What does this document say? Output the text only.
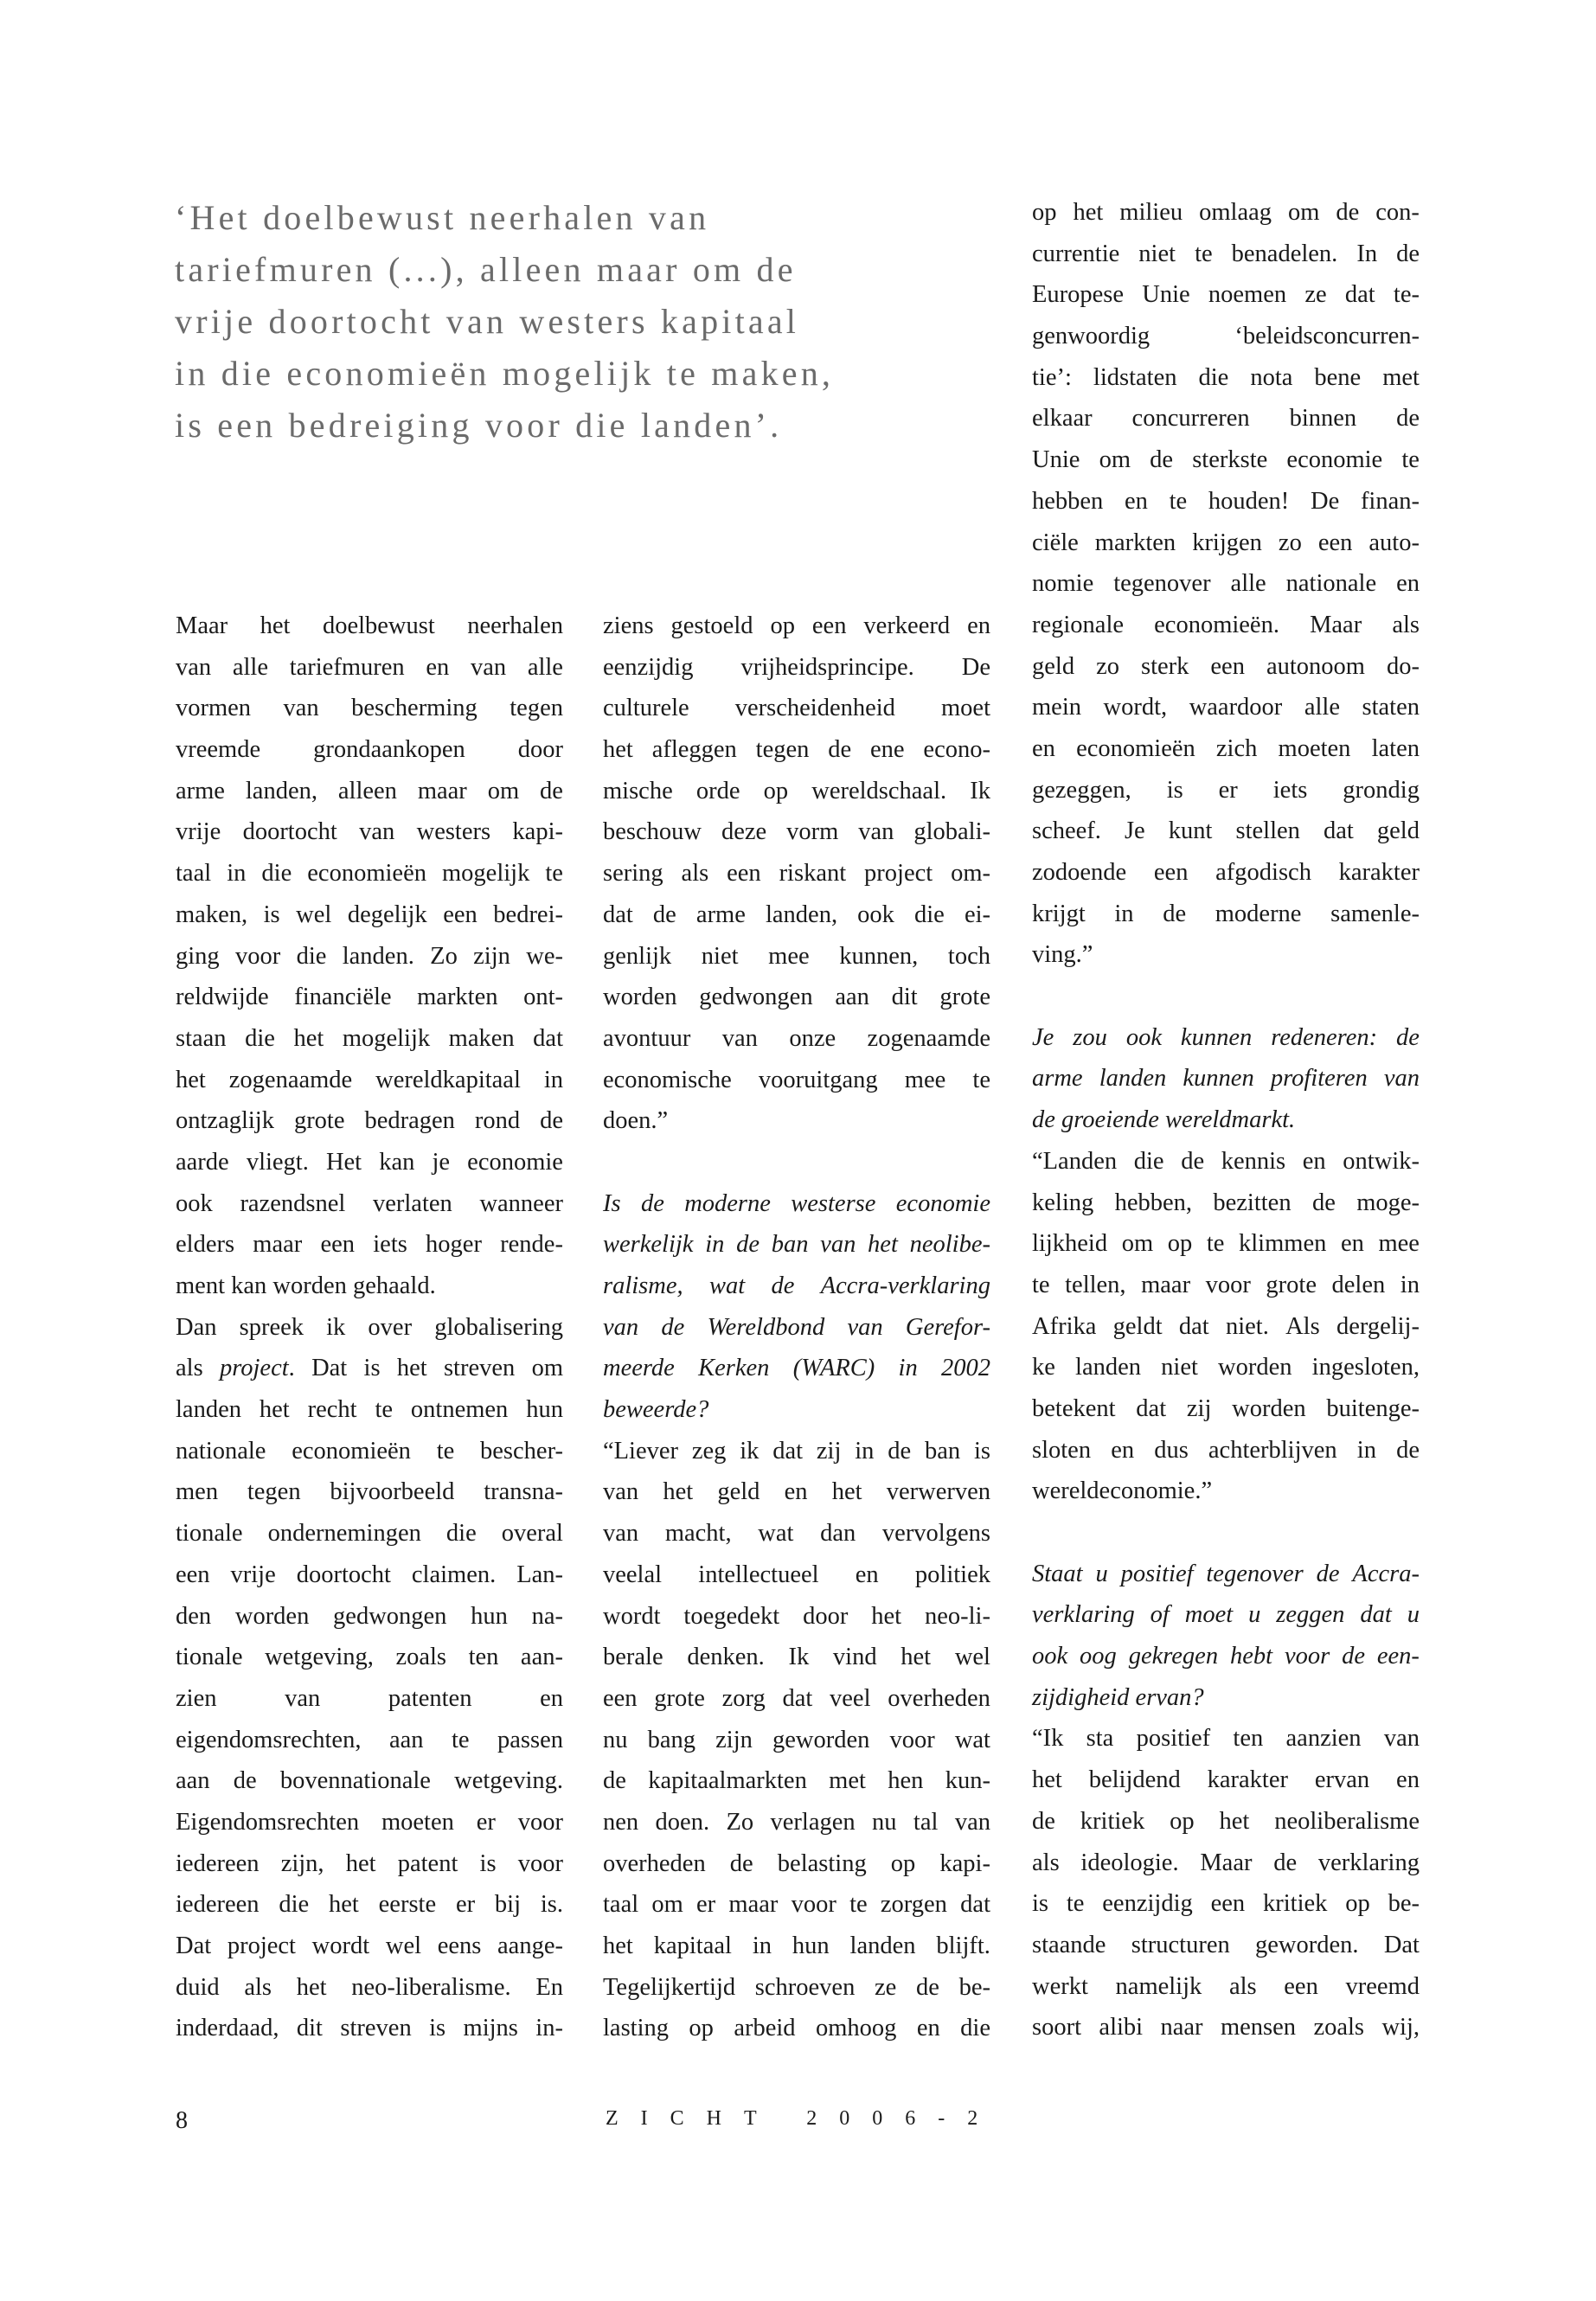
‘Het doelbewust neerhalen van
tariefmuren (...), alleen maar om de
vrije doortocht van westers kapitaal
in die economieën mogelijk te maken,
is een bedreiging voor die landen’.
Maar het doelbewust neerhalen
van alle tariefmuren en van alle
vormen van bescherming tegen
vreemde grondaankopen door
arme landen, alleen maar om de
vrije doortocht van westers kapi-
taal in die economieën mogelijk te
maken, is wel degelijk een bedrei-
ging voor die landen. Zo zijn we-
reldwijde financiële markten ont-
staan die het mogelijk maken dat
het zogenaamde wereldkapitaal in
ontzaglijk grote bedragen rond de
aarde vliegt. Het kan je economie
ook razendsnel verlaten wanneer
elders maar een iets hoger rende-
ment kan worden gehaald.
Dan spreek ik over globalisering
als project. Dat is het streven om
landen het recht te ontnemen hun
nationale economieën te bescher-
men tegen bijvoorbeeld transna-
tionale ondernemingen die overal
een vrije doortocht claimen. Lan-
den worden gedwongen hun na-
tionale wetgeving, zoals ten aan-
zien	van	patenten	en
eigendomsrechten, aan te passen
aan de bovennationale wetgeving.
Eigendomsrechten moeten er voor
iedereen zijn, het patent is voor
iedereen die het eerste er bij is.
Dat project wordt wel eens aange-
duid als het neo-liberalisme. En
inderdaad, dit streven is mijns in-
ziens gestoeld op een verkeerd en
eenzijdig vrijheidsprincipe. De
culturele verscheidenheid moet
het afleggen tegen de ene econo-
mische orde op wereldschaal. Ik
beschouw deze vorm van globali-
sering als een riskant project om-
dat de arme landen, ook die ei-
genlijk niet mee kunnen, toch
worden gedwongen aan dit grote
avontuur van onze zogenaamde
economische vooruitgang mee te
doen.”
Is de moderne westerse economie
werkelijk in de ban van het neolibe-
ralisme, wat de Accra-verklaring
van de Wereldbond van Gerefor-
meerde Kerken (WARC) in 2002
beweerde?
“Liever zeg ik dat zij in de ban is
van het geld en het verwerven
van macht, wat dan vervolgens
veelal intellectueel en politiek
wordt toegedekt door het neo-li-
berale denken. Ik vind het wel
een grote zorg dat veel overheden
nu bang zijn geworden voor wat
de kapitaalmarkten met hen kun-
nen doen. Zo verlagen nu tal van
overheden de belasting op kapi-
taal om er maar voor te zorgen dat
het kapitaal in hun landen blijft.
Tegelijkertijd schroeven ze de be-
lasting op arbeid omhoog en die
op het milieu omlaag om de con-
currentie niet te benadelen. In de
Europese Unie noemen ze dat te-
genwoordig	‘beleidsconcurren-
tie’: lidstaten die nota bene met
elkaar concurreren binnen de
Unie om de sterkste economie te
hebben en te houden! De finan-
ciële markten krijgen zo een auto-
nomie tegenover alle nationale en
regionale economieën. Maar als
geld zo sterk een autonoom do-
mein wordt, waardoor alle staten
en economieën zich moeten laten
gezeggen, is er iets grondig
scheef. Je kunt stellen dat geld
zodoende een afgodisch karakter
krijgt in de moderne samenle-
ving.”
Je zou ook kunnen redeneren: de
arme landen kunnen profiteren van
de groeiende wereldmarkt.
“Landen die de kennis en ontwik-
keling hebben, bezitten de moge-
lijkheid om op te klimmen en mee
te tellen, maar voor grote delen in
Afrika geldt dat niet. Als dergelij-
ke landen niet worden ingesloten,
betekent dat zij worden buitenge-
sloten en dus achterblijven in de
wereldeconomie.”
Staat u positief tegenover de Accra-
verklaring of moet u zeggen dat u
ook oog gekregen hebt voor de een-
zijdigheid ervan?
“Ik sta positief ten aanzien van
het belijdend karakter ervan en
de kritiek op het neoliberalisme
als ideologie. Maar de verklaring
is te eenzijdig een kritiek op be-
staande structuren geworden. Dat
werkt namelijk als een vreemd
soort alibi naar mensen zoals wij,
8	ZICHT 2006-2
